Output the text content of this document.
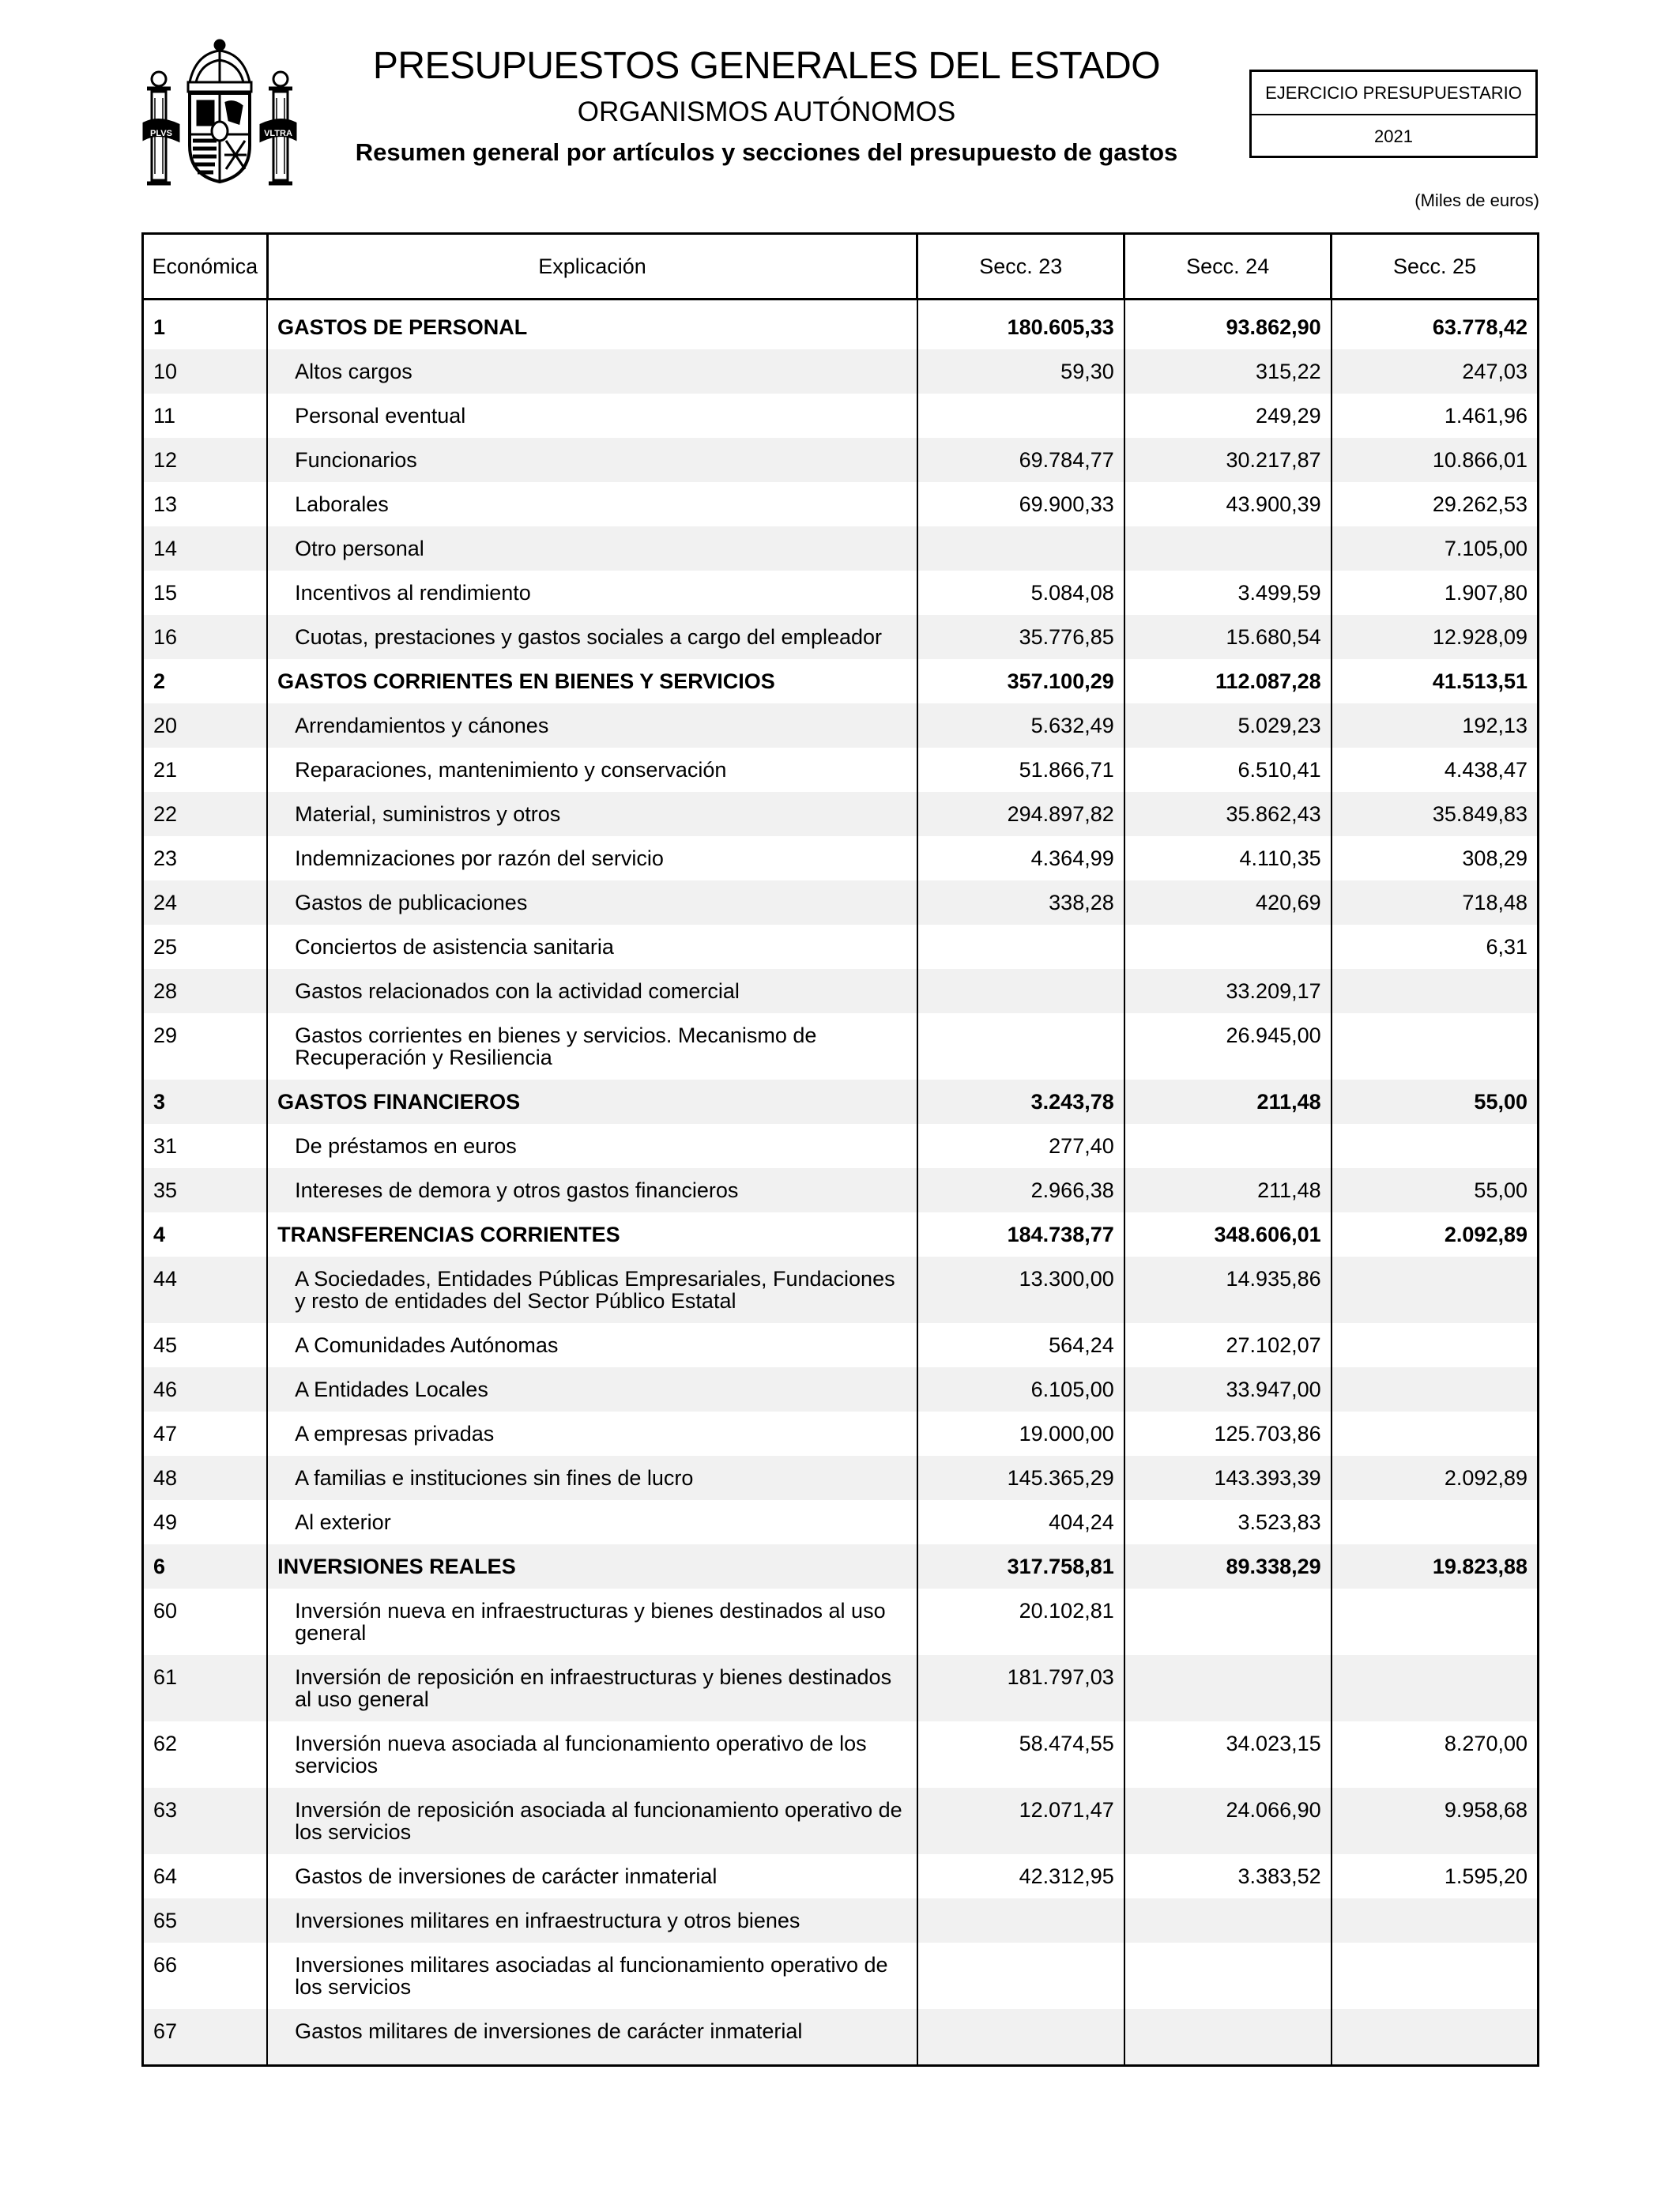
PLVS	VLTRA
PRESUPUESTOS GENERALES DEL ESTADO
ORGANISMOS AUTÓNOMOS
Resumen general por artículos y secciones del presupuesto de gastos
EJERCICIO PRESUPUESTARIO
2021
(Miles de euros)
Económica	Explicación	Secc. 23	Secc. 24	Secc. 25
1	GASTOS DE PERSONAL	180.605,33	93.862,90	63.778,42
10	Altos cargos	59,30	315,22	247,03
11	Personal eventual		249,29	1.461,96
12	Funcionarios	69.784,77	30.217,87	10.866,01
13	Laborales	69.900,33	43.900,39	29.262,53
14	Otro personal			7.105,00
15	Incentivos al rendimiento	5.084,08	3.499,59	1.907,80
16	Cuotas, prestaciones y gastos sociales a cargo del empleador	35.776,85	15.680,54	12.928,09
2	GASTOS CORRIENTES EN BIENES Y SERVICIOS	357.100,29	112.087,28	41.513,51
20	Arrendamientos y cánones	5.632,49	5.029,23	192,13
21	Reparaciones, mantenimiento y conservación	51.866,71	6.510,41	4.438,47
22	Material, suministros y otros	294.897,82	35.862,43	35.849,83
23	Indemnizaciones por razón del servicio	4.364,99	4.110,35	308,29
24	Gastos de publicaciones	338,28	420,69	718,48
25	Conciertos de asistencia sanitaria			6,31
28	Gastos relacionados con la actividad comercial		33.209,17	
29	Gastos corrientes en bienes y servicios. Mecanismo de Recuperación y Resiliencia		26.945,00	
3	GASTOS FINANCIEROS	3.243,78	211,48	55,00
31	De préstamos en euros	277,40		
35	Intereses de demora y otros gastos financieros	2.966,38	211,48	55,00
4	TRANSFERENCIAS CORRIENTES	184.738,77	348.606,01	2.092,89
44	A Sociedades, Entidades Públicas Empresariales, Fundaciones y resto de entidades del Sector Público Estatal	13.300,00	14.935,86	
45	A Comunidades Autónomas	564,24	27.102,07	
46	A Entidades Locales	6.105,00	33.947,00	
47	A empresas privadas	19.000,00	125.703,86	
48	A familias e instituciones sin fines de lucro	145.365,29	143.393,39	2.092,89
49	Al exterior	404,24	3.523,83	
6	INVERSIONES REALES	317.758,81	89.338,29	19.823,88
60	Inversión nueva en infraestructuras y bienes destinados al uso general	20.102,81		
61	Inversión de reposición en infraestructuras y bienes destinados al uso general	181.797,03		
62	Inversión nueva asociada al funcionamiento operativo de los servicios	58.474,55	34.023,15	8.270,00
63	Inversión de reposición asociada al funcionamiento operativo de los servicios	12.071,47	24.066,90	9.958,68
64	Gastos de inversiones de carácter inmaterial	42.312,95	3.383,52	1.595,20
65	Inversiones militares en infraestructura y otros bienes			
66	Inversiones militares asociadas al funcionamiento operativo de los servicios			
67	Gastos militares de inversiones de carácter inmaterial			
